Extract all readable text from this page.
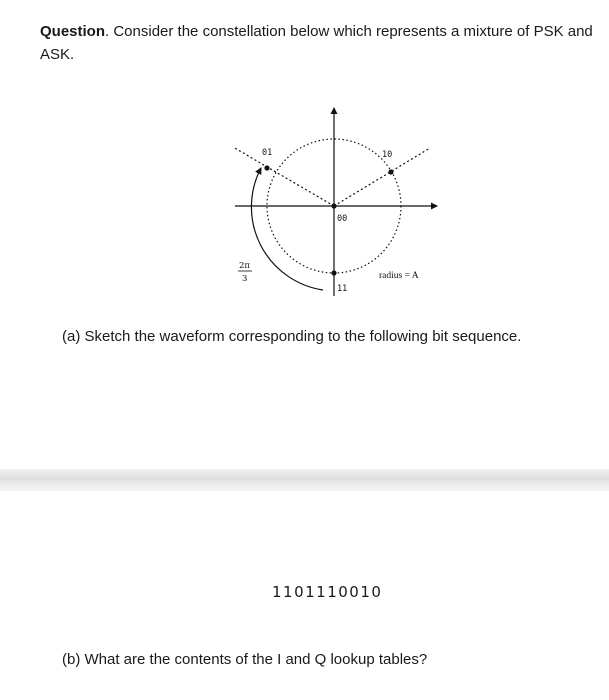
Question. Consider the constellation below which represents a mixture of PSK and ASK.
01	10
00
11
2π
3	radius = A
(a) Sketch the waveform corresponding to the following bit sequence.
1101110010
(b) What are the contents of the I and Q lookup tables?
